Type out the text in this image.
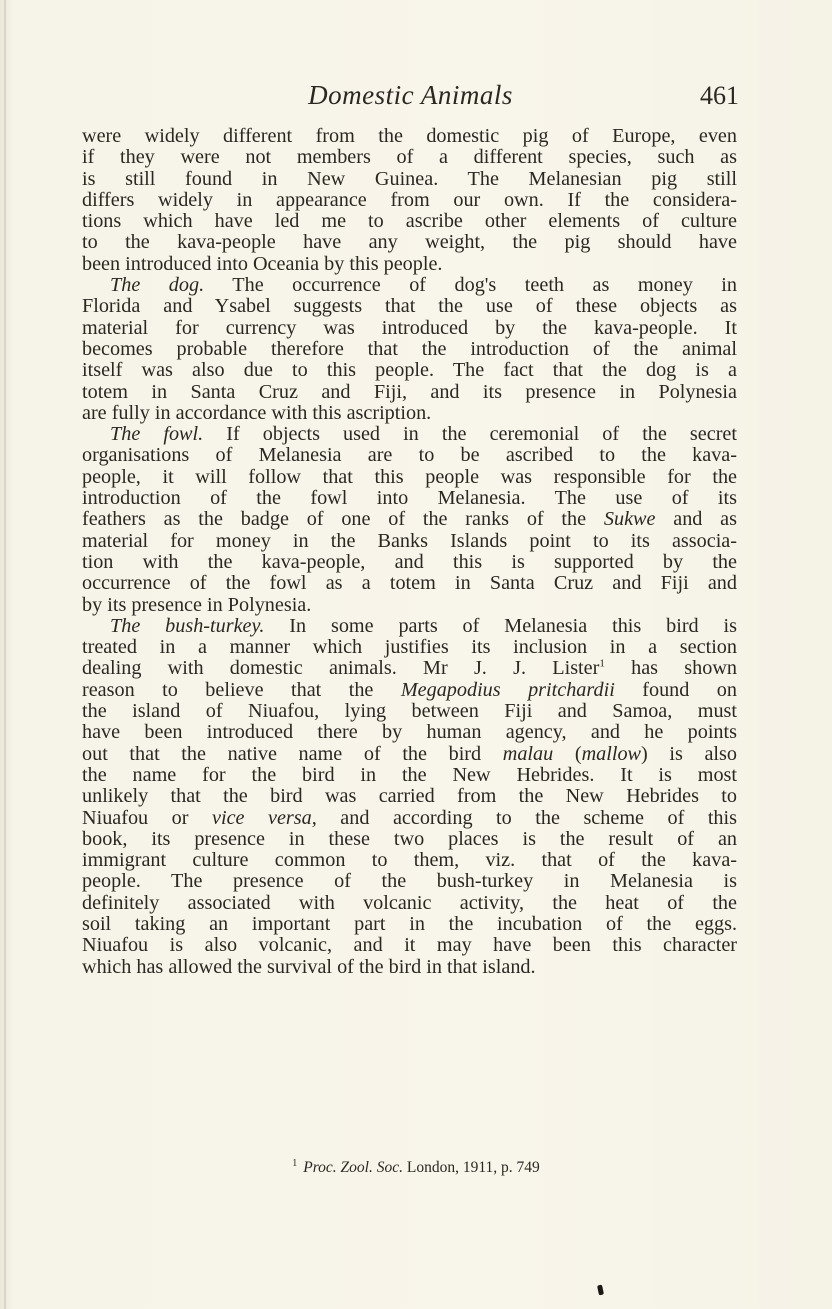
Domestic Animals	461
were widely different from the domestic pig of Europe, even
if they were not members of a different species, such as
is still found in New Guinea. The Melanesian pig still
differs widely in appearance from our own. If the considera-
tions which have led me to ascribe other elements of culture
to the kava-people have any weight, the pig should have
been introduced into Oceania by this people.
The dog. The occurrence of dog's teeth as money in
Florida and Ysabel suggests that the use of these objects as
material for currency was introduced by the kava-people. It
becomes probable therefore that the introduction of the animal
itself was also due to this people. The fact that the dog is a
totem in Santa Cruz and Fiji, and its presence in Polynesia
are fully in accordance with this ascription.
The fowl. If objects used in the ceremonial of the secret
organisations of Melanesia are to be ascribed to the kava-
people, it will follow that this people was responsible for the
introduction of the fowl into Melanesia. The use of its
feathers as the badge of one of the ranks of the Sukwe and as
material for money in the Banks Islands point to its associa-
tion with the kava-people, and this is supported by the
occurrence of the fowl as a totem in Santa Cruz and Fiji and
by its presence in Polynesia.
The bush-turkey. In some parts of Melanesia this bird is
treated in a manner which justifies its inclusion in a section
dealing with domestic animals. Mr J. J. Lister$^1$ has shown
reason to believe that the Megapodius pritchardii found on
the island of Niuafou, lying between Fiji and Samoa, must
have been introduced there by human agency, and he points
out that the native name of the bird malau (mallow) is also
the name for the bird in the New Hebrides. It is most
unlikely that the bird was carried from the New Hebrides to
Niuafou or vice versa, and according to the scheme of this
book, its presence in these two places is the result of an
immigrant culture common to them, viz. that of the kava-
people. The presence of the bush-turkey in Melanesia is
definitely associated with volcanic activity, the heat of the
soil taking an important part in the incubation of the eggs.
Niuafou is also volcanic, and it may have been this character
which has allowed the survival of the bird in that island.
$^1$ Proc. Zool. Soc. London, 1911, p. 749
